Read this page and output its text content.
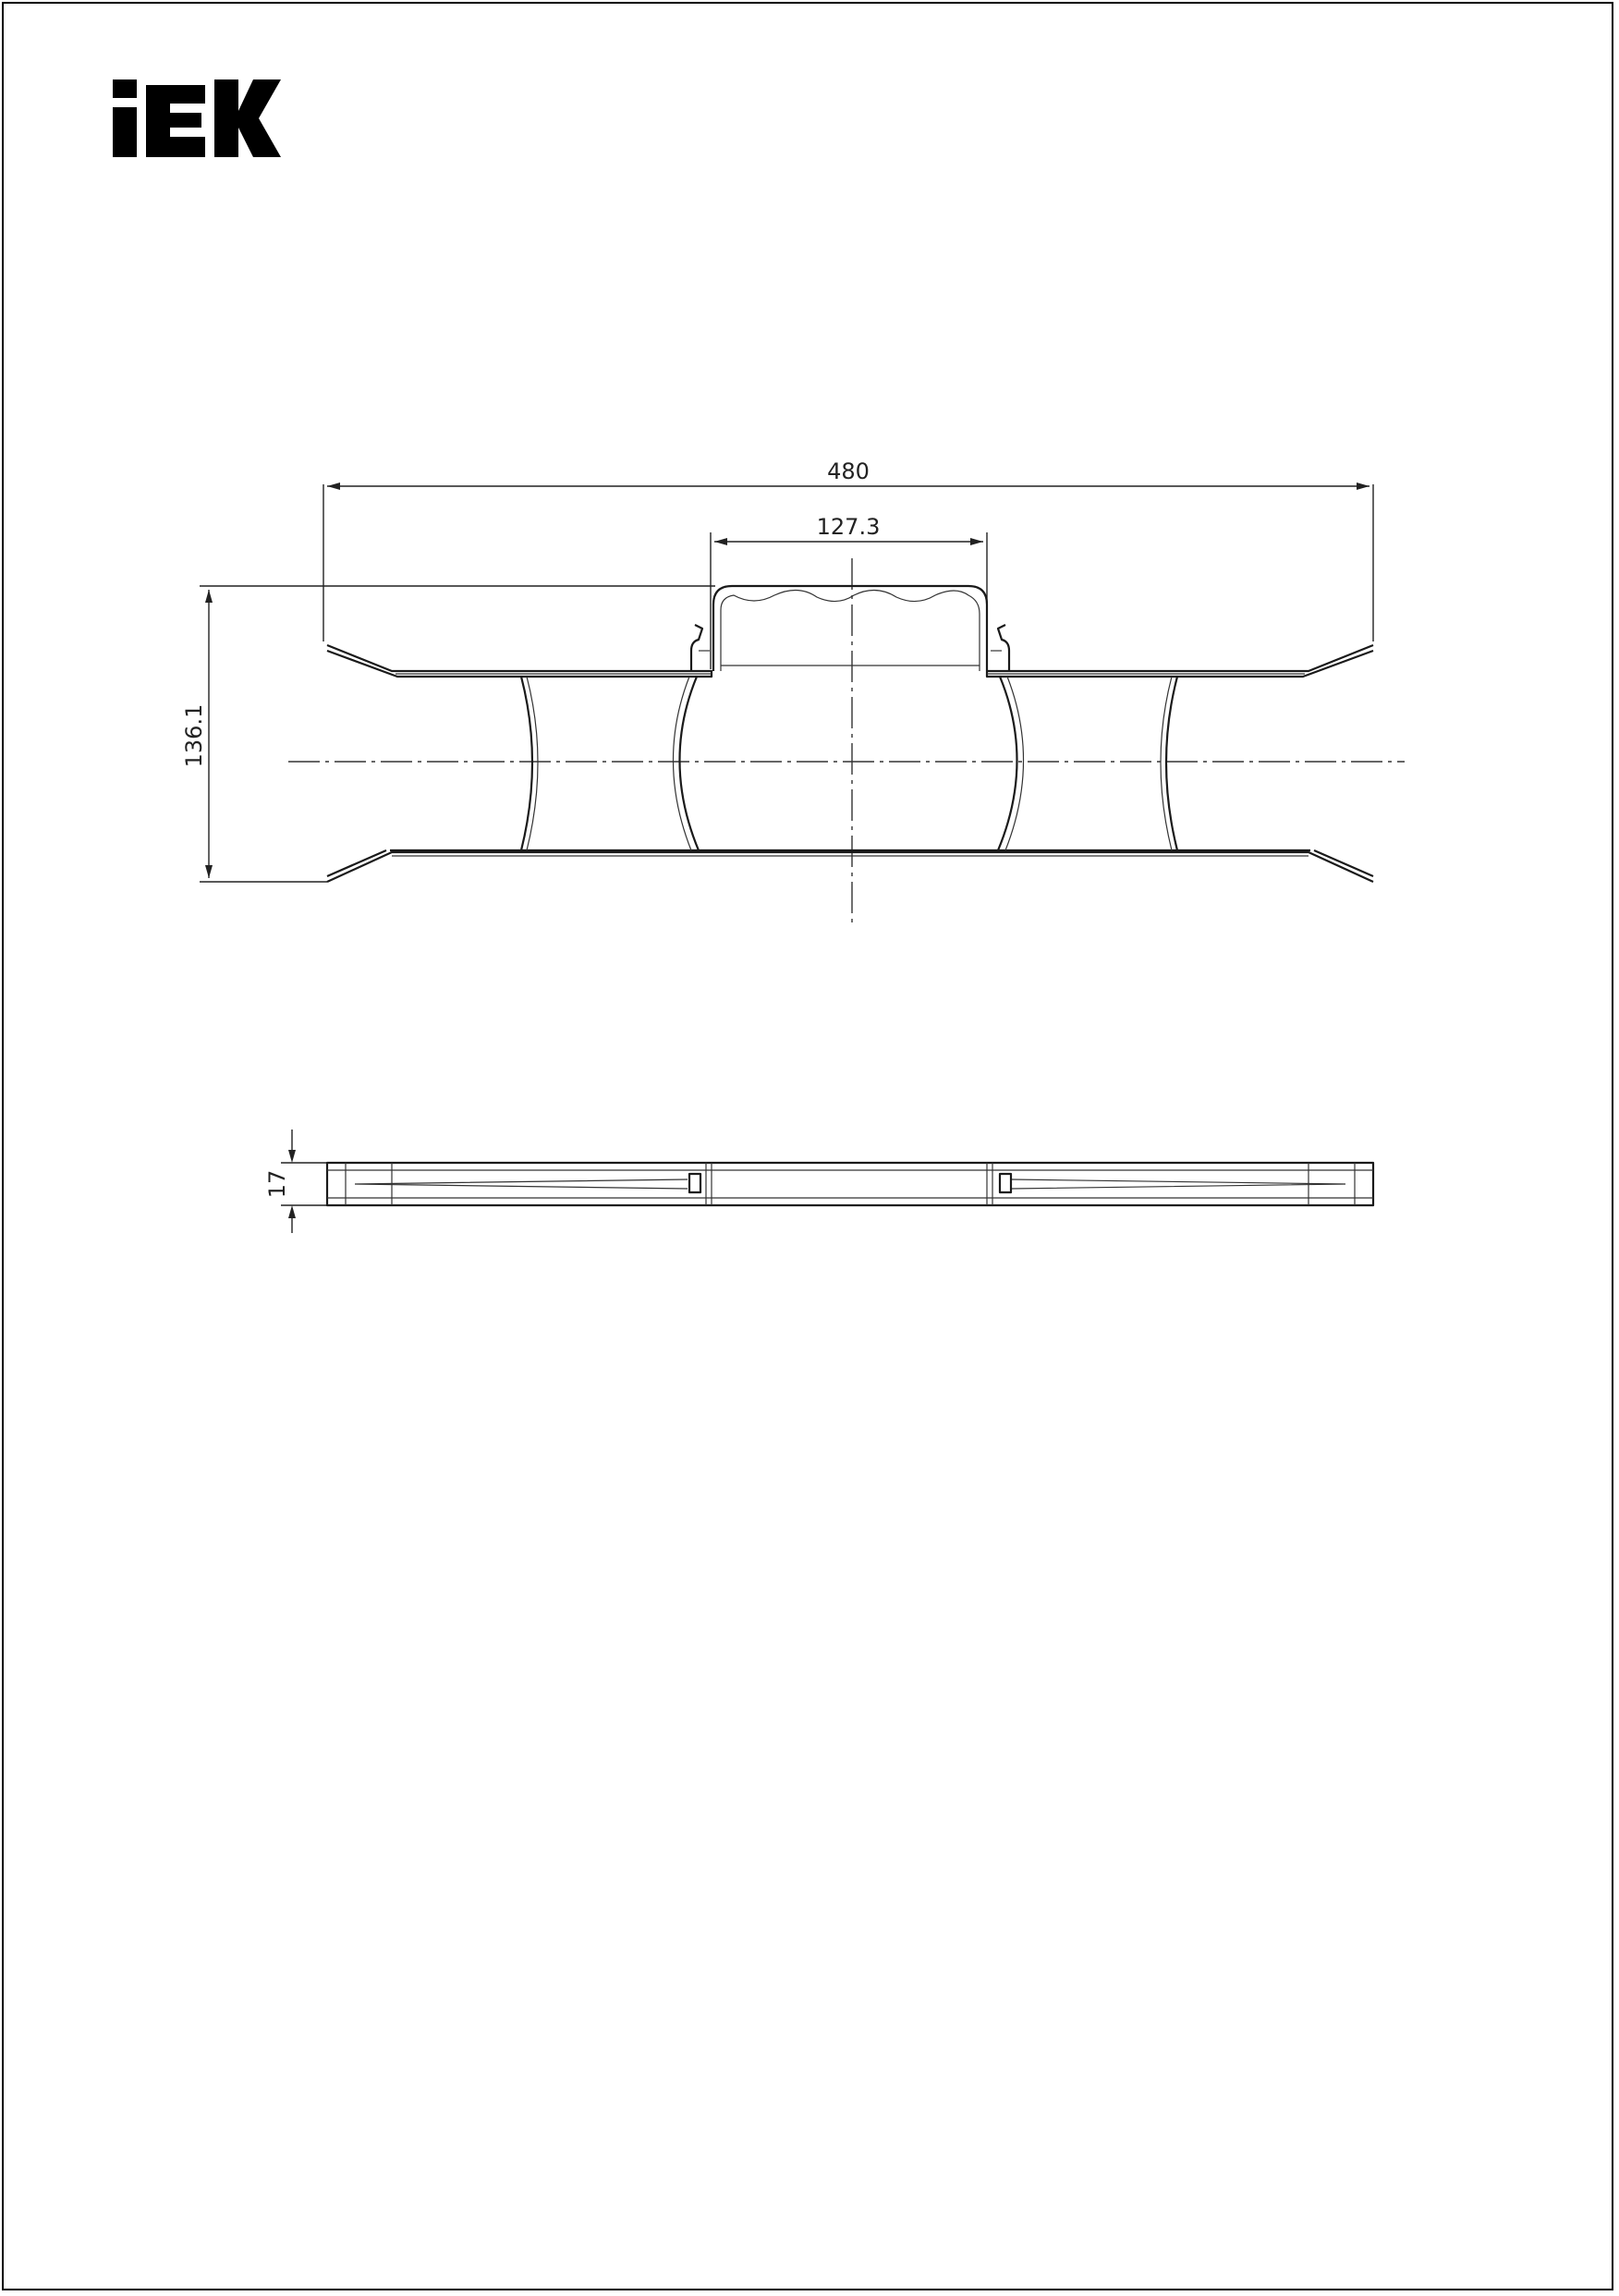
480
127.3
136.1
17
